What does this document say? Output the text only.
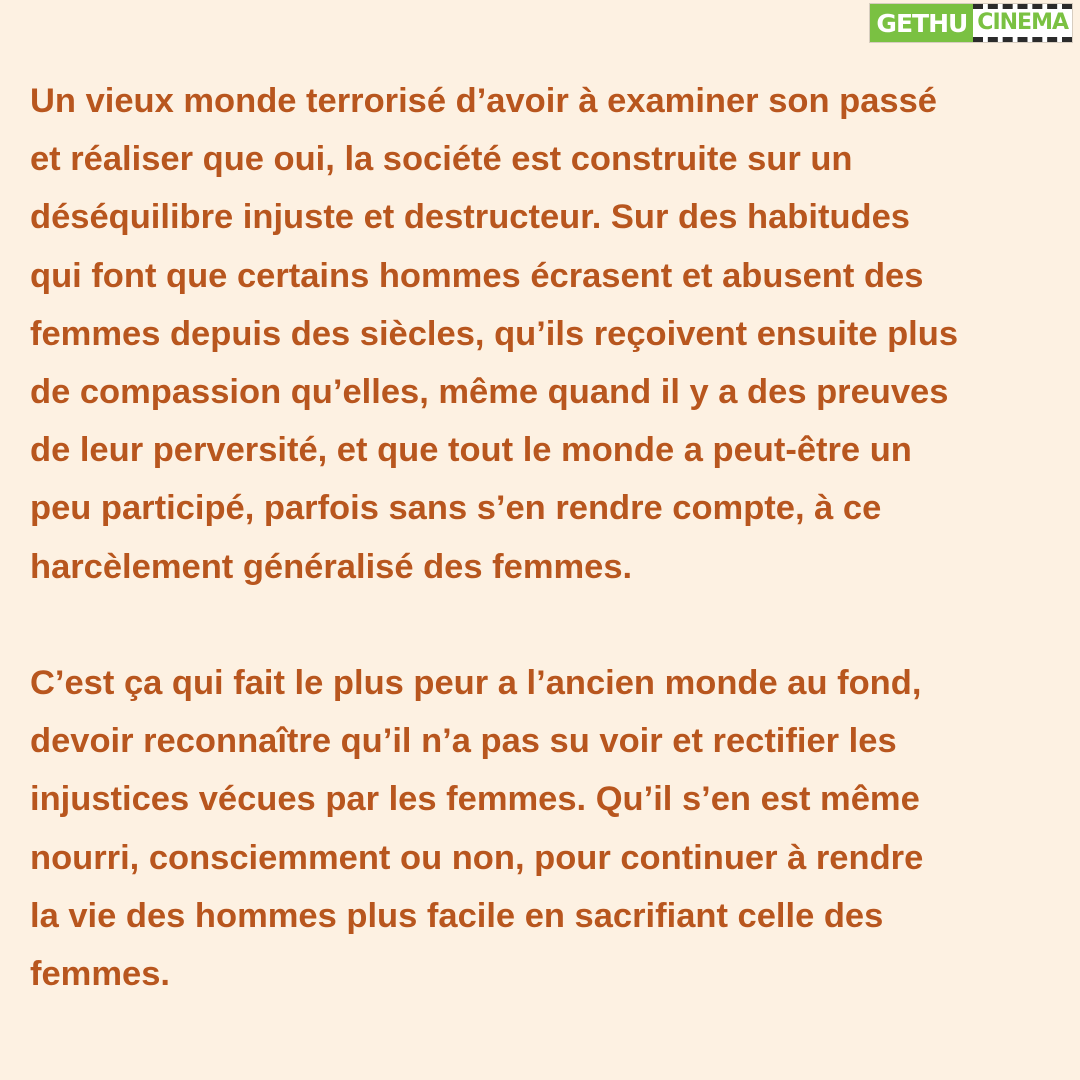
GETHU CINEMA

Un vieux monde terrorisé d’avoir à examiner son passé

et réaliser que oui, la société est construite sur un

déséquilibre injuste et destructeur. Sur des habitudes

qui font que certains hommes écrasent et abusent des

femmes depuis des siècles, qu’ils reçoivent ensuite plus

de compassion qu’elles, même quand il y a des preuves

de leur perversité, et que tout le monde a peut-être un

peu participé, parfois sans s’en rendre compte, à ce

harcèlement généralisé des femmes.

C’est ça qui fait le plus peur a l’ancien monde au fond,

devoir reconnaître qu’il n’a pas su voir et rectifier les

injustices vécues par les femmes. Qu’il s’en est même

nourri, consciemment ou non, pour continuer à rendre

la vie des hommes plus facile en sacrifiant celle des

femmes.
